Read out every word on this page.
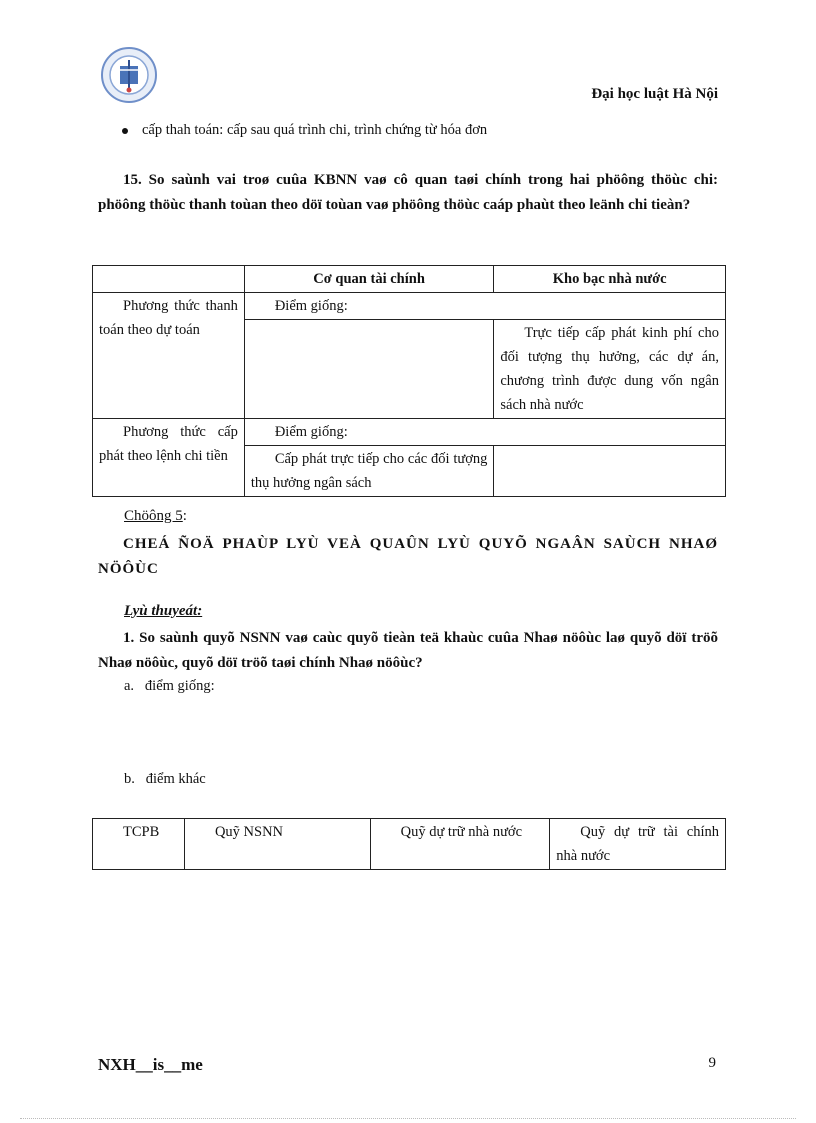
Đại học luật Hà Nội
cấp thah toán: cấp sau quá trình chi, trình chứng từ hóa đơn
15. So saùnh vai troø cuûa KBNN vaø cô quan taøi chính trong hai phöông thöùc chi: phöông thöùc thanh toùan theo döï toùan vaø phöông thöùc caáp phaùt theo leänh chi tieàn?
	Cơ quan tài chính	Kho bạc nhà nước
Phương thức thanh toán theo dự toán	Điểm giống:	
		Trực tiếp cấp phát kinh phí cho đối tượng thụ hưởng, các dự án, chương trình được dung vốn ngân sách nhà nước
Phương thức cấp phát theo lệnh chi tiền	Điểm giống:	
	Cấp phát trực tiếp cho các đối tượng thụ hưởng ngân sách	
Chöông 5:
CHEÁ ÑOÄ PHAÙP LYÙ VEÀ QUAÛN LYÙ QUYÕ NGAÂN SAÙCH NHAØ NÖÔÙC
Lyù thuyeát:
1. So saùnh quyõ NSNN vaø caùc quyõ tieàn teä khaùc cuûa Nhaø nöôùc laø quyõ döï tröõ Nhaø nöôùc, quyõ döï tröõ taøi chính Nhaø nöôùc?
a.   điểm giống:
b.   điểm khác
TCPB	Quỹ NSNN	Quỹ dự trữ nhà nước	Quỹ dự trữ tài chính nhà nước
NXH__is__me	9
